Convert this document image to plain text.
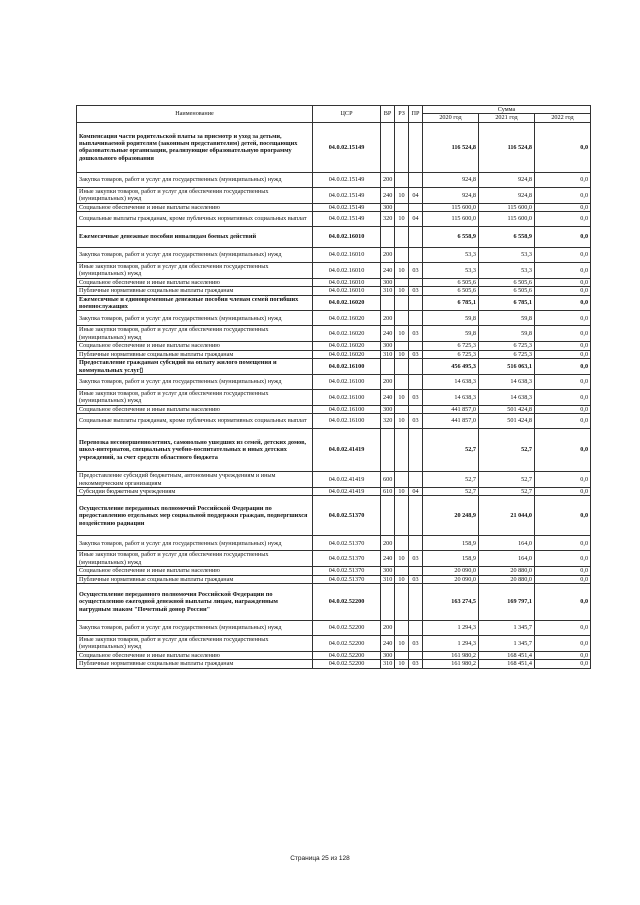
Наименование	ЦСР	ВР	РЗ	ПР	Сумма		
					2020 год	2021 год	2022 год
Компенсация части родительской платы за присмотр и уход за детьми, выплачиваемой родителям (законным представителям) детей, посещающих образовательные организации, реализующие образовательную программу дошкольного образования	04.0.02.15149				116 524,8	116 524,8	0,0
Закупка товаров, работ и услуг для государственных (муниципальных) нужд	04.0.02.15149	200			924,8	924,8	0,0
Иные закупки товаров, работ и услуг для обеспечения государственных (муниципальных) нужд	04.0.02.15149	240	10	04	924,8	924,8	0,0
Социальное обеспечение и иные выплаты населению	04.0.02.15149	300			115 600,0	115 600,0	0,0
Социальные выплаты гражданам, кроме публичных нормативных социальных выплат	04.0.02.15149	320	10	04	115 600,0	115 600,0	0,0
Ежемесячные денежные пособия инвалидам боевых действий	04.0.02.16010				6 558,9	6 558,9	0,0
Закупка товаров, работ и услуг для государственных (муниципальных) нужд	04.0.02.16010	200			53,3	53,3	0,0
Иные закупки товаров, работ и услуг для обеспечения государственных (муниципальных) нужд	04.0.02.16010	240	10	03	53,3	53,3	0,0
Социальное обеспечение и иные выплаты населению	04.0.02.16010	300			6 505,6	6 505,6	0,0
Публичные нормативные социальные выплаты гражданам	04.0.02.16010	310	10	03	6 505,6	6 505,6	0,0
Ежемесячные и единовременные денежные пособия членам семей погибших военнослужащих	04.0.02.16020				6 785,1	6 785,1	0,0
Закупка товаров, работ и услуг для государственных (муниципальных) нужд	04.0.02.16020	200			59,8	59,8	0,0
Иные закупки товаров, работ и услуг для обеспечения государственных (муниципальных) нужд	04.0.02.16020	240	10	03	59,8	59,8	0,0
Социальное обеспечение и иные выплаты населению	04.0.02.16020	300			6 725,3	6 725,3	0,0
Публичные нормативные социальные выплаты гражданам	04.0.02.16020	310	10	03	6 725,3	6 725,3	0,0
Предоставление гражданам субсидий на оплату жилого помещения и коммунальных услуг▯	04.0.02.16100				456 495,3	516 063,1	0,0
Закупка товаров, работ и услуг для государственных (муниципальных) нужд	04.0.02.16100	200			14 638,3	14 638,3	0,0
Иные закупки товаров, работ и услуг для обеспечения государственных (муниципальных) нужд	04.0.02.16100	240	10	03	14 638,3	14 638,3	0,0
Социальное обеспечение и иные выплаты населению	04.0.02.16100	300			441 857,0	501 424,8	0,0
Социальные выплаты гражданам, кроме публичных нормативных социальных выплат	04.0.02.16100	320	10	03	441 857,0	501 424,8	0,0
Перевозка несовершеннолетних, самовольно ушедших из семей, детских домов, школ-интернатов, специальных учебно-воспитательных и иных детских учреждений, за счет средств областного бюджета	04.0.02.41419				52,7	52,7	0,0
Предоставление субсидий бюджетным, автономным учреждениям и иным некоммерческим организациям	04.0.02.41419	600			52,7	52,7	0,0
Субсидии бюджетным учреждениям	04.0.02.41419	610	10	04	52,7	52,7	0,0
Осуществление переданных полномочий Российской Федерации по предоставлению отдельных мер социальной поддержки граждан, подвергшихся воздействию радиации	04.0.02.51370				20 248,9	21 044,0	0,0
Закупка товаров, работ и услуг для государственных (муниципальных) нужд	04.0.02.51370	200			158,9	164,0	0,0
Иные закупки товаров, работ и услуг для обеспечения государственных (муниципальных) нужд	04.0.02.51370	240	10	03	158,9	164,0	0,0
Социальное обеспечение и иные выплаты населению	04.0.02.51370	300			20 090,0	20 880,0	0,0
Публичные нормативные социальные выплаты гражданам	04.0.02.51370	310	10	03	20 090,0	20 880,0	0,0
Осуществление переданного полномочия Российской Федерации по осуществлению ежегодной денежной выплаты лицам, награжденным нагрудным знаком "Почетный донор России"	04.0.02.52200				163 274,5	169 797,1	0,0
Закупка товаров, работ и услуг для государственных (муниципальных) нужд	04.0.02.52200	200			1 294,3	1 345,7	0,0
Иные закупки товаров, работ и услуг для обеспечения государственных (муниципальных) нужд	04.0.02.52200	240	10	03	1 294,3	1 345,7	0,0
Социальное обеспечение и иные выплаты населению	04.0.02.52200	300			161 980,2	168 451,4	0,0
Публичные нормативные социальные выплаты гражданам	04.0.02.52200	310	10	03	161 980,2	168 451,4	0,0
Страница 25 из 128
